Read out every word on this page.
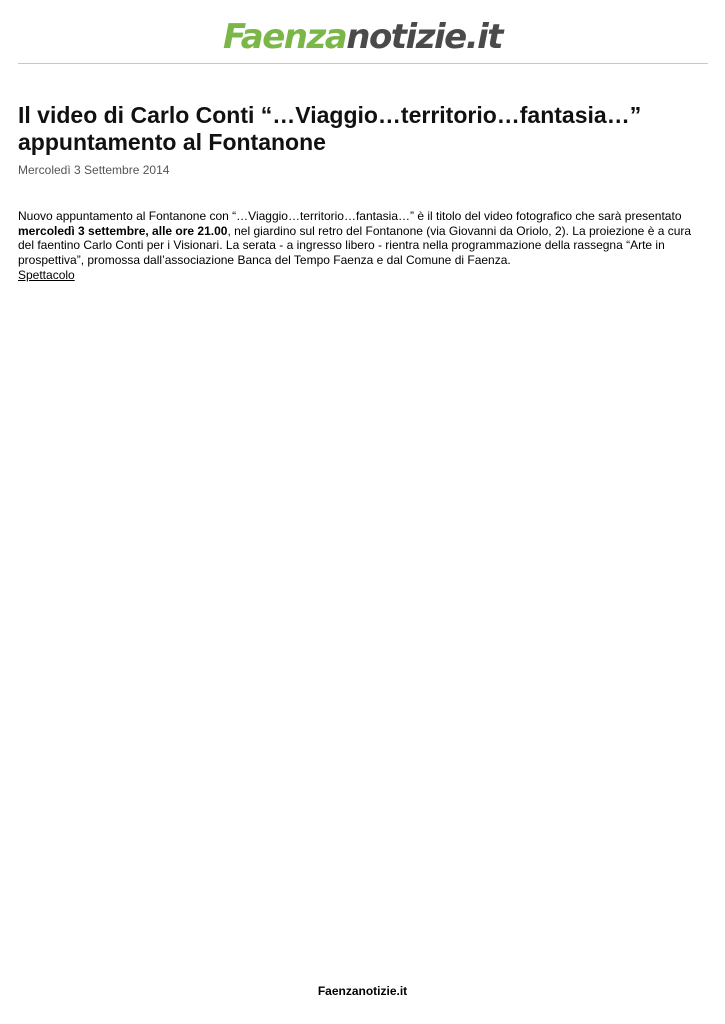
Faenzanotizie.it
Il video di Carlo Conti “…Viaggio…territorio…fantasia…” appuntamento al Fontanone
Mercoledì 3 Settembre 2014

Nuovo appuntamento al Fontanone con “…Viaggio…territorio…fantasia…” è il titolo del video fotografico che sarà presentato mercoledì 3 settembre, alle ore 21.00, nel giardino sul retro del Fontanone (via Giovanni da Oriolo, 2). La proiezione è a cura del faentino Carlo Conti per i Visionari. La serata - a ingresso libero - rientra nella programmazione della rassegna “Arte in prospettiva”, promossa dall’associazione Banca del Tempo Faenza e dal Comune di Faenza.

Spettacolo
Faenzanotizie.it
